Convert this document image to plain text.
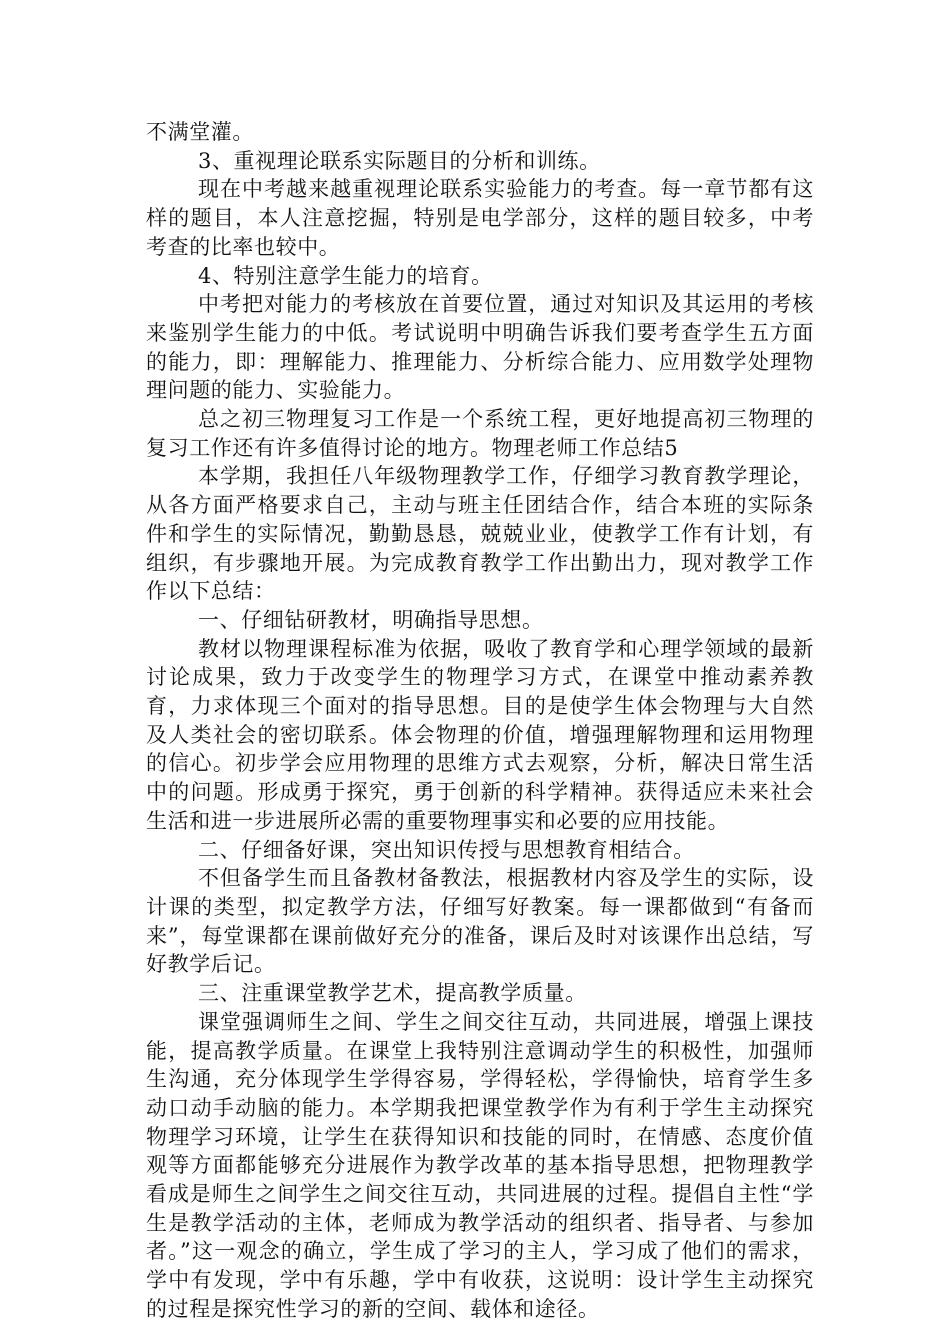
不满堂灌。

3、重视理论联系实际题目的分析和训练。

现在中考越来越重视理论联系实验能力的考查。每一章节都有这样的题目，本人注意挖掘，特别是电学部分，这样的题目较多，中考考查的比率也较中。

4、特别注意学生能力的培育。

中考把对能力的考核放在首要位置，通过对知识及其运用的考核来鉴别学生能力的中低。考试说明中明确告诉我们要考查学生五方面的能力，即：理解能力、推理能力、分析综合能力、应用数学处理物理问题的能力、实验能力。

总之初三物理复习工作是一个系统工程，更好地提高初三物理的复习工作还有许多值得讨论的地方。物理老师工作总结5

本学期，我担任八年级物理教学工作，仔细学习教育教学理论，从各方面严格要求自己，主动与班主任团结合作，结合本班的实际条件和学生的实际情况，勤勤恳恳，兢兢业业，使教学工作有计划，有组织，有步骤地开展。为完成教育教学工作出勤出力，现对教学工作作以下总结：

一、仔细钻研教材，明确指导思想。

教材以物理课程标准为依据，吸收了教育学和心理学领域的最新讨论成果，致力于改变学生的物理学习方式，在课堂中推动素养教育，力求体现三个面对的指导思想。目的是使学生体会物理与大自然及人类社会的密切联系。体会物理的价值，增强理解物理和运用物理的信心。初步学会应用物理的思维方式去观察，分析，解决日常生活中的问题。形成勇于探究，勇于创新的科学精神。获得适应未来社会生活和进一步进展所必需的重要物理事实和必要的应用技能。

二、仔细备好课，突出知识传授与思想教育相结合。

不但备学生而且备教材备教法，根据教材内容及学生的实际，设计课的类型，拟定教学方法，仔细写好教案。每一课都做到“有备而来”，每堂课都在课前做好充分的准备，课后及时对该课作出总结，写好教学后记。

三、注重课堂教学艺术，提高教学质量。

课堂强调师生之间、学生之间交往互动，共同进展，增强上课技能，提高教学质量。在课堂上我特别注意调动学生的积极性，加强师生沟通，充分体现学生学得容易，学得轻松，学得愉快，培育学生多动口动手动脑的能力。本学期我把课堂教学作为有利于学生主动探究物理学习环境，让学生在获得知识和技能的同时，在情感、态度价值观等方面都能够充分进展作为教学改革的基本指导思想，把物理教学看成是师生之间学生之间交往互动，共同进展的过程。提倡自主性“学生是教学活动的主体，老师成为教学活动的组织者、指导者、与参加者。”这一观念的确立，学生成了学习的主人，学习成了他们的需求，学中有发现，学中有乐趣，学中有收获，这说明：设计学生主动探究的过程是探究性学习的新的空间、载体和途径。
